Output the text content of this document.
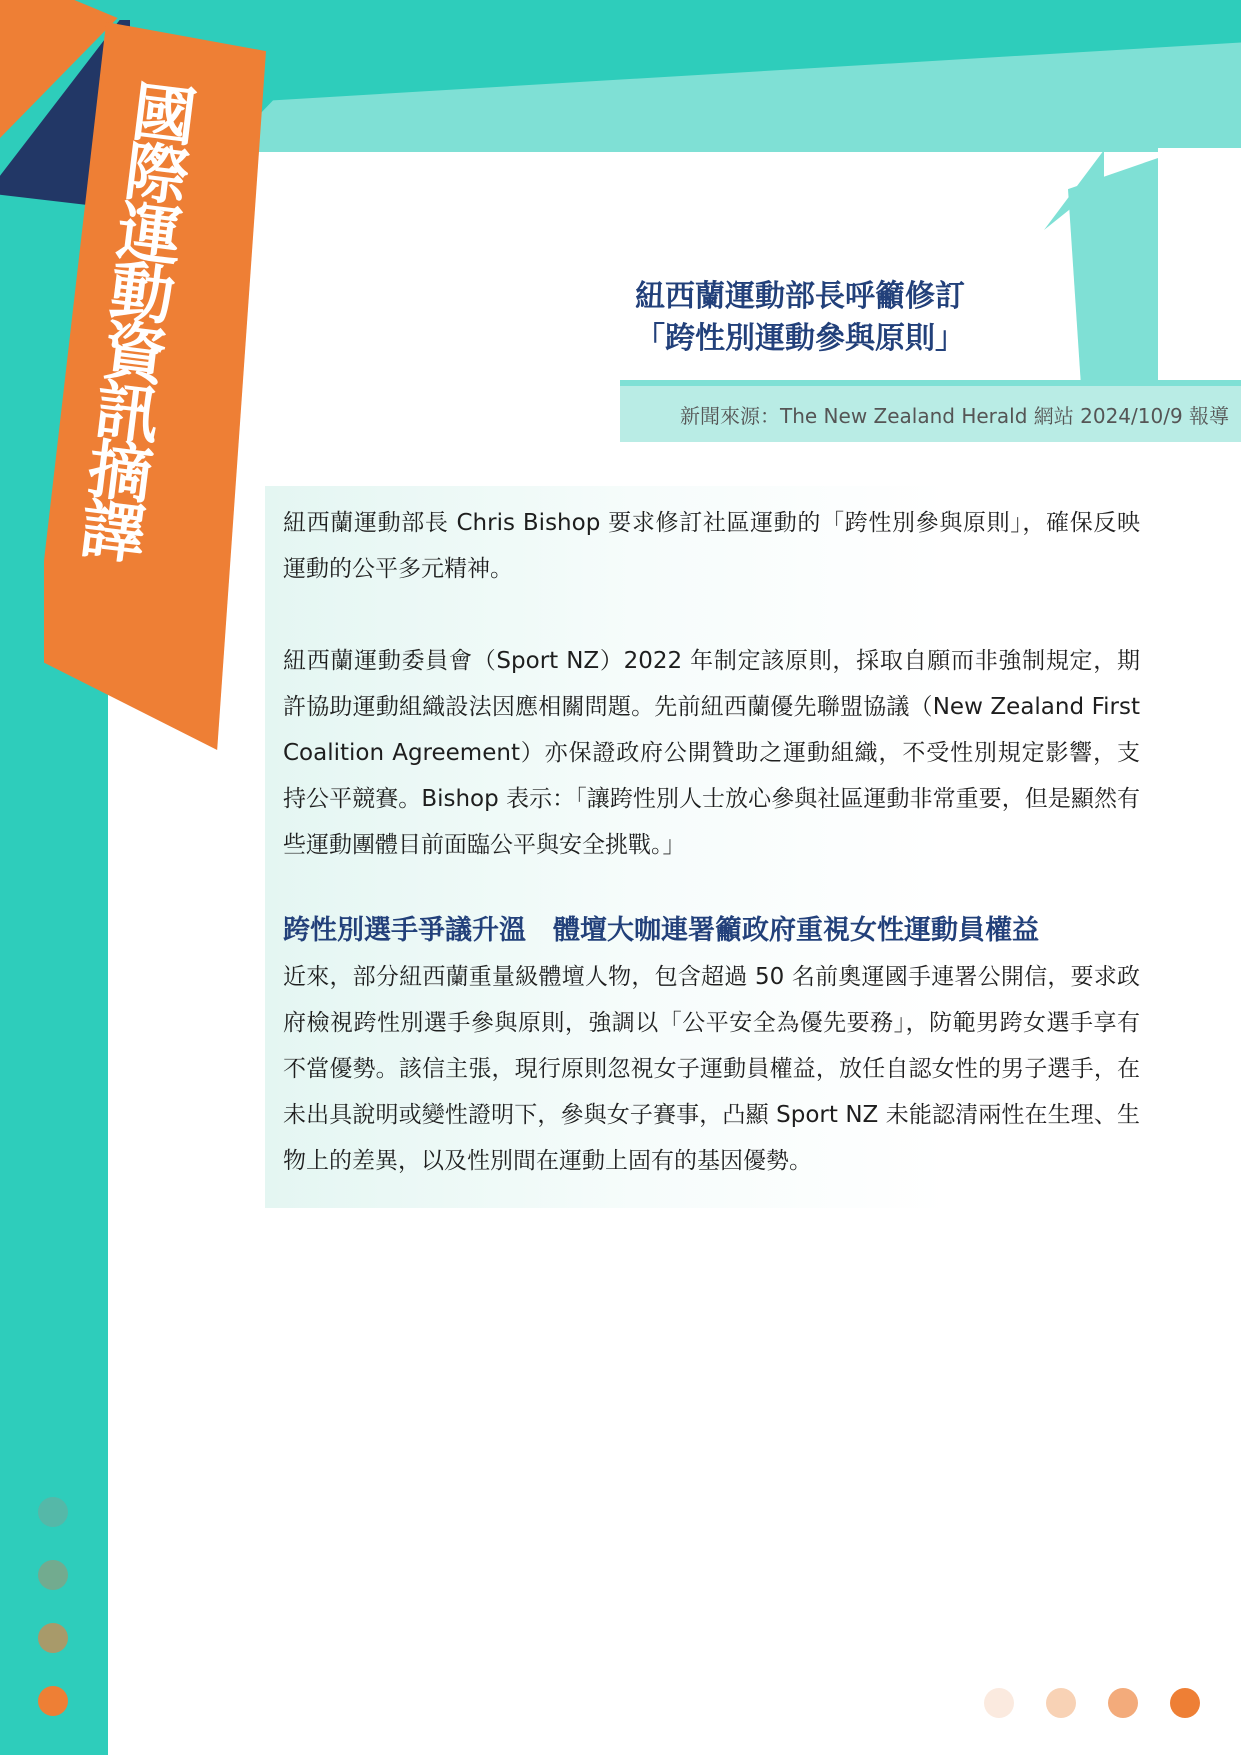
國際運動資訊摘譯	紐西蘭運動部長呼籲修訂
「跨性別運動參與原則」
新聞來源：The New Zealand Herald 網站 2024/10/9 報導

紐西蘭運動部長 Chris Bishop 要求修訂社區運動的「跨性別參與原則」，確保反映運動的公平多元精神。

紐西蘭運動委員會（Sport NZ）2022 年制定該原則，採取自願而非強制規定，期許協助運動組織設法因應相關問題。先前紐西蘭優先聯盟協議（New Zealand First Coalition Agreement）亦保證政府公開贊助之運動組織，不受性別規定影響，支持公平競賽。Bishop 表示：「讓跨性別人士放心參與社區運動非常重要，但是顯然有些運動團體目前面臨公平與安全挑戰。」

跨性別選手爭議升溫　體壇大咖連署籲政府重視女性運動員權益

近來，部分紐西蘭重量級體壇人物，包含超過 50 名前奧運國手連署公開信，要求政府檢視跨性別選手參與原則，強調以「公平安全為優先要務」，防範男跨女選手享有不當優勢。該信主張，現行原則忽視女子運動員權益，放任自認女性的男子選手，在未出具說明或變性證明下，參與女子賽事，凸顯 Sport NZ 未能認清兩性在生理、生物上的差異，以及性別間在運動上固有的基因優勢。
